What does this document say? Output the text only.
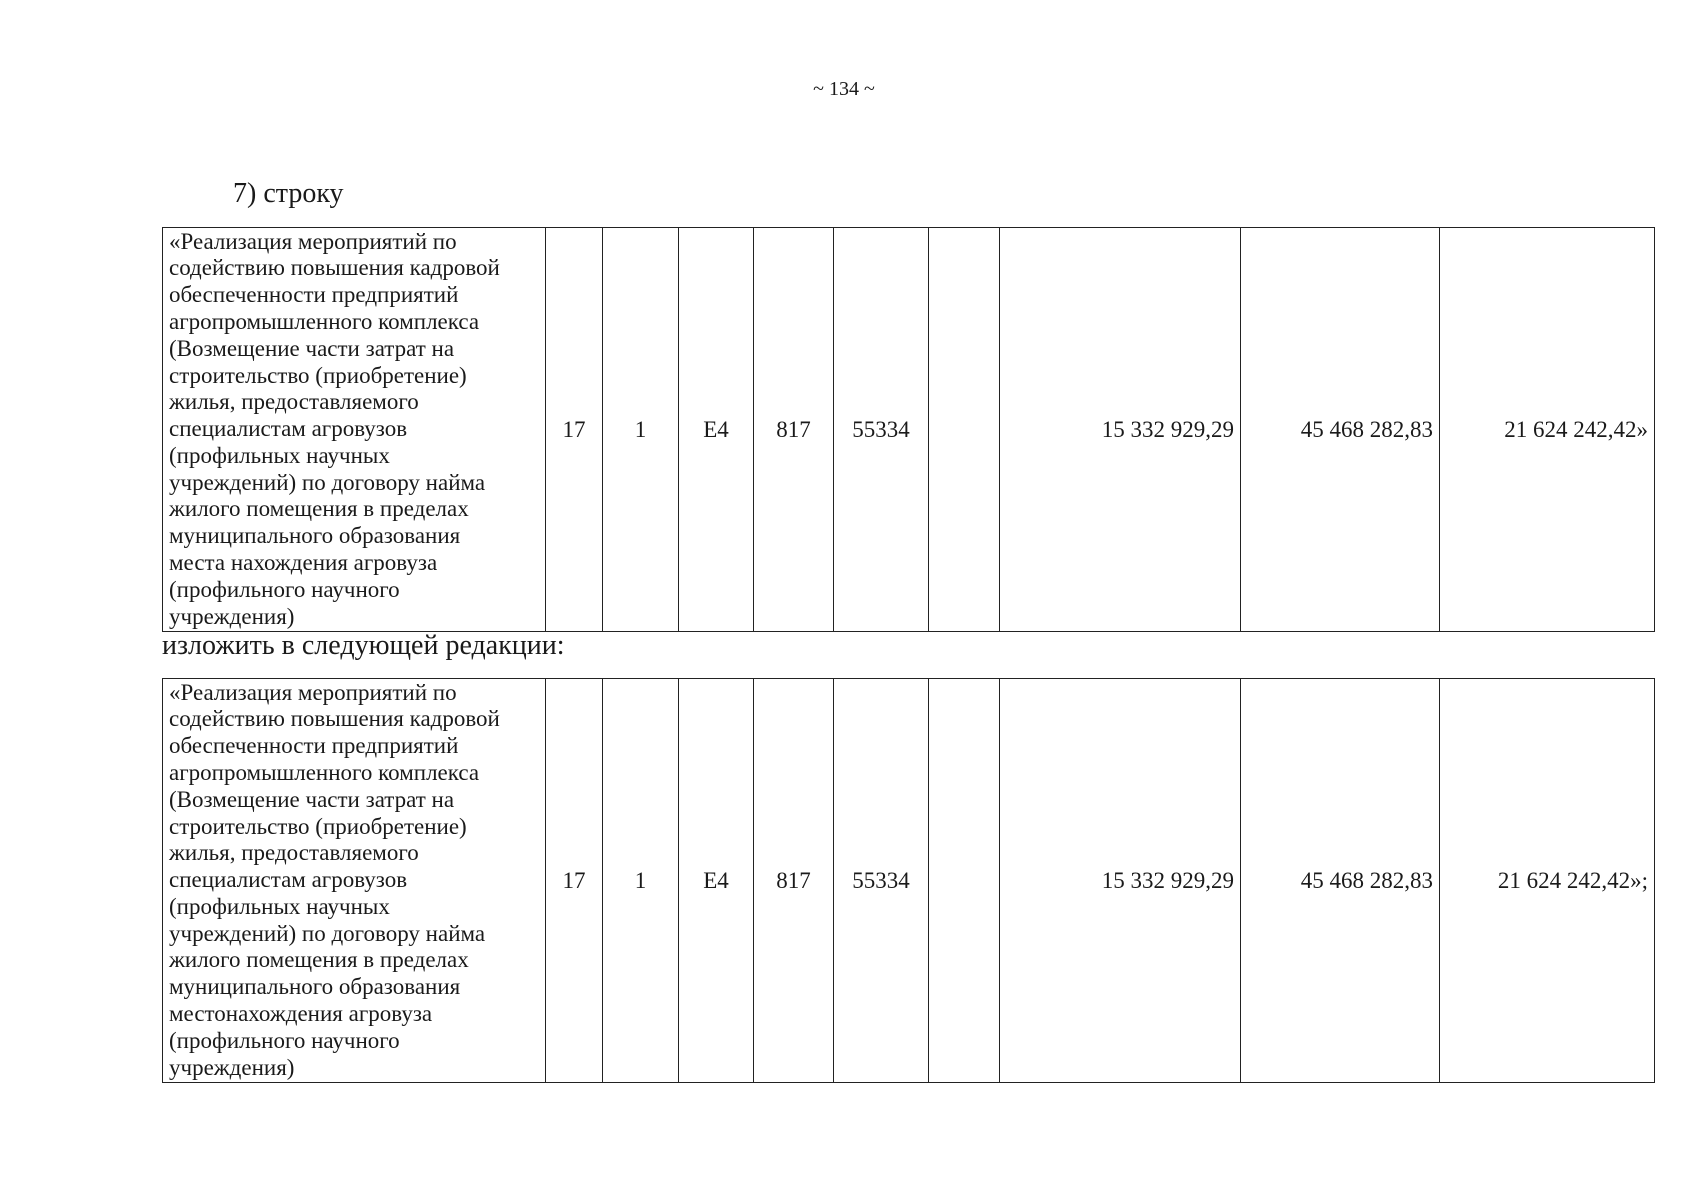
~ 134 ~
7) строку
«Реализация мероприятий по
содействию повышения кадровой
обеспеченности предприятий
агропромышленного комплекса
(Возмещение части затрат на
строительство (приобретение)
жилья, предоставляемого
специалистам агровузов
(профильных научных
учреждений) по договору найма
жилого помещения в пределах
муниципального образования
места нахождения агровуза
(профильного научного
учреждения)	17	1	Е4	817	55334		15 332 929,29	45 468 282,83	21 624 242,42»
изложить в следующей редакции:
«Реализация мероприятий по
содействию повышения кадровой
обеспеченности предприятий
агропромышленного комплекса
(Возмещение части затрат на
строительство (приобретение)
жилья, предоставляемого
специалистам агровузов
(профильных научных
учреждений) по договору найма
жилого помещения в пределах
муниципального образования
местонахождения агровуза
(профильного научного
учреждения)	17	1	Е4	817	55334		15 332 929,29	45 468 282,83	21 624 242,42»;
